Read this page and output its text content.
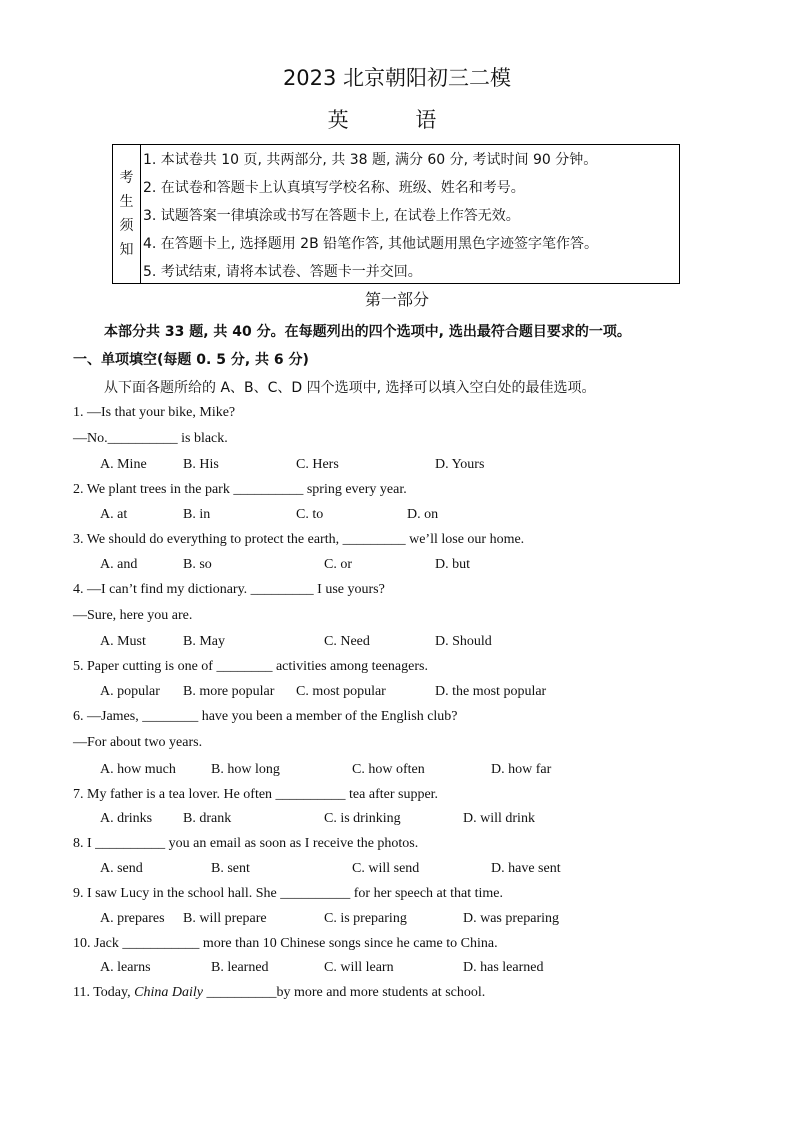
2023 北京朝阳初三二模
英 语
考
生
须
知
1. 本试卷共 10 页, 共两部分, 共 38 题, 满分 60 分, 考试时间 90 分钟。
2. 在试卷和答题卡上认真填写学校名称、班级、姓名和考号。
3. 试题答案一律填涂或书写在答题卡上, 在试卷上作答无效。
4. 在答题卡上, 选择题用 2B 铅笔作答, 其他试题用黑色字迹签字笔作答。
5. 考试结束, 请将本试卷、答题卡一并交回。
第一部分
本部分共 33 题, 共 40 分。在每题列出的四个选项中, 选出最符合题目要求的一项。
一、单项填空(每题 0. 5 分, 共 6 分)
从下面各题所给的 A、B、C、D 四个选项中, 选择可以填入空白处的最佳选项。
1. —Is that your bike, Mike?
—No.__________ is black.
A. Mine	B. His	C. Hers	D. Yours
2. We plant trees in the park __________ spring every year.
A. at	B. in	C. to	D. on
3. We should do everything to protect the earth, _________ we’ll lose our home.
A. and	B. so	C. or	D. but
4. —I can’t find my dictionary. _________ I use yours?
—Sure, here you are.
A. Must	B. May	C. Need	D. Should
5. Paper cutting is one of ________ activities among teenagers.
A. popular B. more popular C. most popular	D. the most popular
6. —James, ________ have you been a member of the English club?
—For about two years.
A. how much	B. how long	C. how often	D. how far
7. My father is a tea lover. He often __________ tea after supper.
A. drinks B. drank	C. is drinking	D. will drink
8. I __________ you an email as soon as I receive the photos.
A. send	B. sent	C. will send	D. have sent
9. I saw Lucy in the school hall. She __________ for her speech at that time.
A. prepares B. will prepare	C. is preparing	D. was preparing
10. Jack ___________ more than 10 Chinese songs since he came to China.
A. learns	B. learned	C. will learn	D. has learned
11. Today, China Daily __________by more and more students at school.
